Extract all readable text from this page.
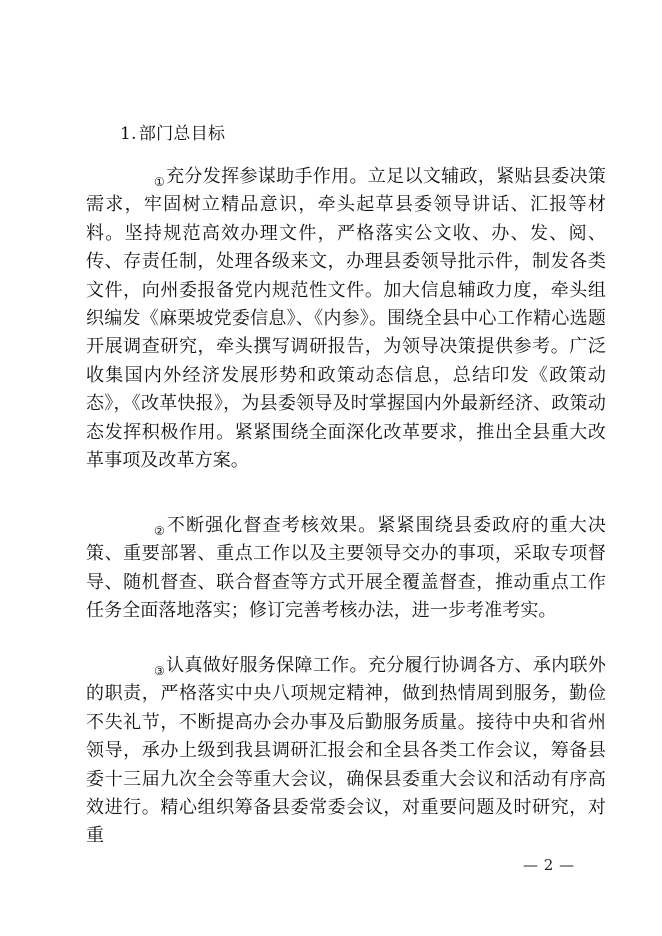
1. 部门总目标
①充分发挥参谋助手作用。立足以文辅政，紧贴县委决策需求，牢固树立精品意识，牵头起草县委领导讲话、汇报等材料。坚持规范高效办理文件，严格落实公文收、办、发、阅、传、存责任制，处理各级来文，办理县委领导批示件，制发各类文件，向州委报备党内规范性文件。加大信息辅政力度，牵头组织编发《麻栗坡党委信息》、《内参》。围绕全县中心工作精心选题开展调查研究，牵头撰写调研报告，为领导决策提供参考。广泛收集国内外经济发展形势和政策动态信息，总结印发《政策动态》，《改革快报》，为县委领导及时掌握国内外最新经济、政策动态发挥积极作用。紧紧围绕全面深化改革要求，推出全县重大改革事项及改革方案。
②不断强化督查考核效果。紧紧围绕县委政府的重大决策、重要部署、重点工作以及主要领导交办的事项，采取专项督导、随机督查、联合督查等方式开展全覆盖督查，推动重点工作任务全面落地落实；修订完善考核办法，进一步考准考实。
③认真做好服务保障工作。充分履行协调各方、承内联外的职责，严格落实中央八项规定精神，做到热情周到服务，勤俭不失礼节，不断提高办会办事及后勤服务质量。接待中央和省州领导，承办上级到我县调研汇报会和全县各类工作会议，筹备县委十三届九次全会等重大会议，确保县委重大会议和活动有序高效进行。精心组织筹备县委常委会议，对重要问题及时研究，对重
— 2 —
